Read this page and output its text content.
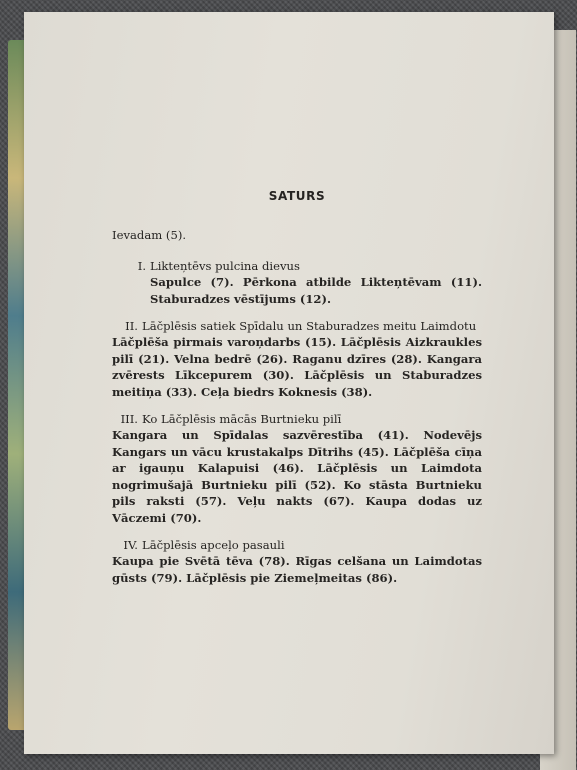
SATURS

Ievadam (5).

I. Likteņtēvs pulcina dievus

Sapulce (7). Pērkona atbilde Likteņtēvam (11). Staburadzes vēstījums (12).

II. Lāčplēsis satiek Spīdalu un Staburadzes meitu Laimdotu

Lāčplēša pirmais varoņdarbs (15). Lāčplēsis Aizkraukles pilī (21). Velna bedrē (26). Raganu dzīres (28). Kangara zvērests Līkcepurem (30). Lāčplēsis un Staburadzes meitiņa (33). Ceļa biedrs Koknesis (38).

III. Ko Lāčplēsis mācās Burtnieku pilī

Kangara un Spīdalas sazvērestība (41). Nodevējs Kangars un vācu krustakalps Dītrihs (45). Lāčplēša cīņa ar igauņu Kalapuisi (46). Lāčplēsis un Laimdota nogrimušajā Burtnieku pilī (52). Ko stāsta Burtnieku pils raksti (57). Veļu nakts (67). Kaupa dodas uz Vāczemi (70).

IV. Lāčplēsis apceļo pasauli

Kaupa pie Svētā tēva (78). Rīgas celšana un Laimdotas gūsts (79). Lāčplēsis pie Ziemeļmeitas (86).
